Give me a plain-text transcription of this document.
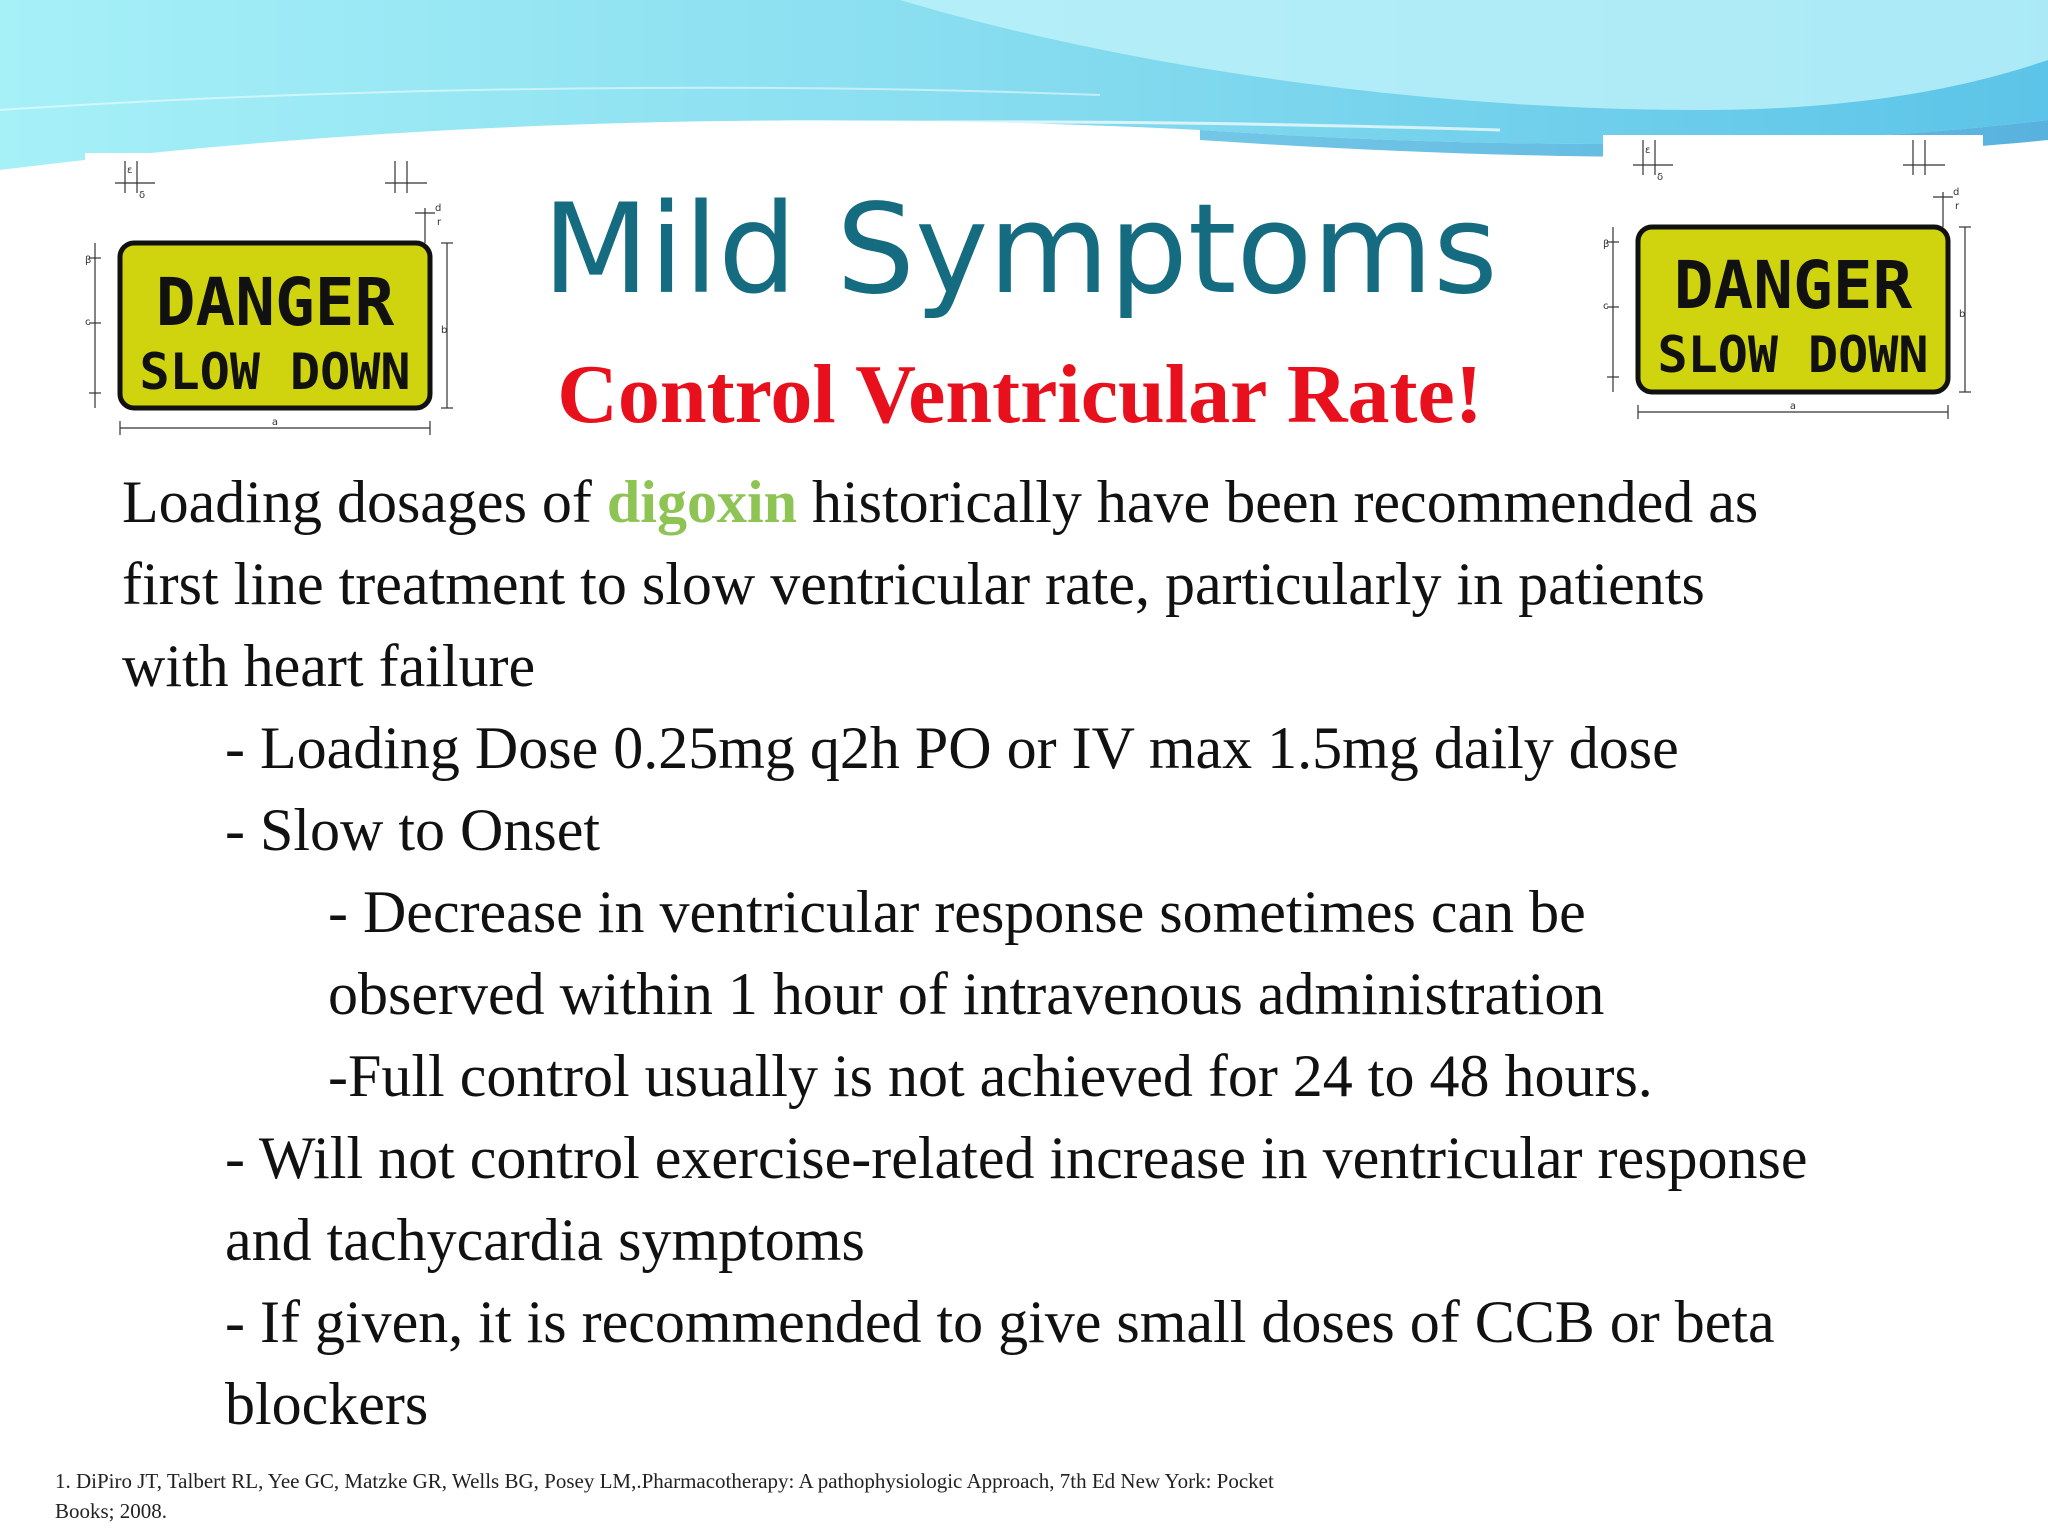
DANGER
SLOW DOWN
a
b
c
d
ε
δ
β
r
DANGER
SLOW DOWN
a
b
c
d
ε
δ
β
r
Mild Symptoms
Control Ventricular Rate!
Loading dosages of digoxin historically have been recommended as
first line treatment to slow ventricular rate, particularly in patients
with heart failure
- Loading Dose 0.25mg q2h PO or IV max 1.5mg daily dose
- Slow to Onset
- Decrease in ventricular response sometimes can be
observed within 1 hour of intravenous administration
-Full control usually is not achieved for 24 to 48 hours.
- Will not control exercise-related increase in ventricular response
and tachycardia symptoms
- If given, it is recommended to give small doses of CCB or beta
blockers
1. DiPiro JT, Talbert RL, Yee GC, Matzke GR, Wells BG, Posey LM,.Pharmacotherapy: A pathophysiologic Approach, 7th Ed New York: Pocket
Books; 2008.
